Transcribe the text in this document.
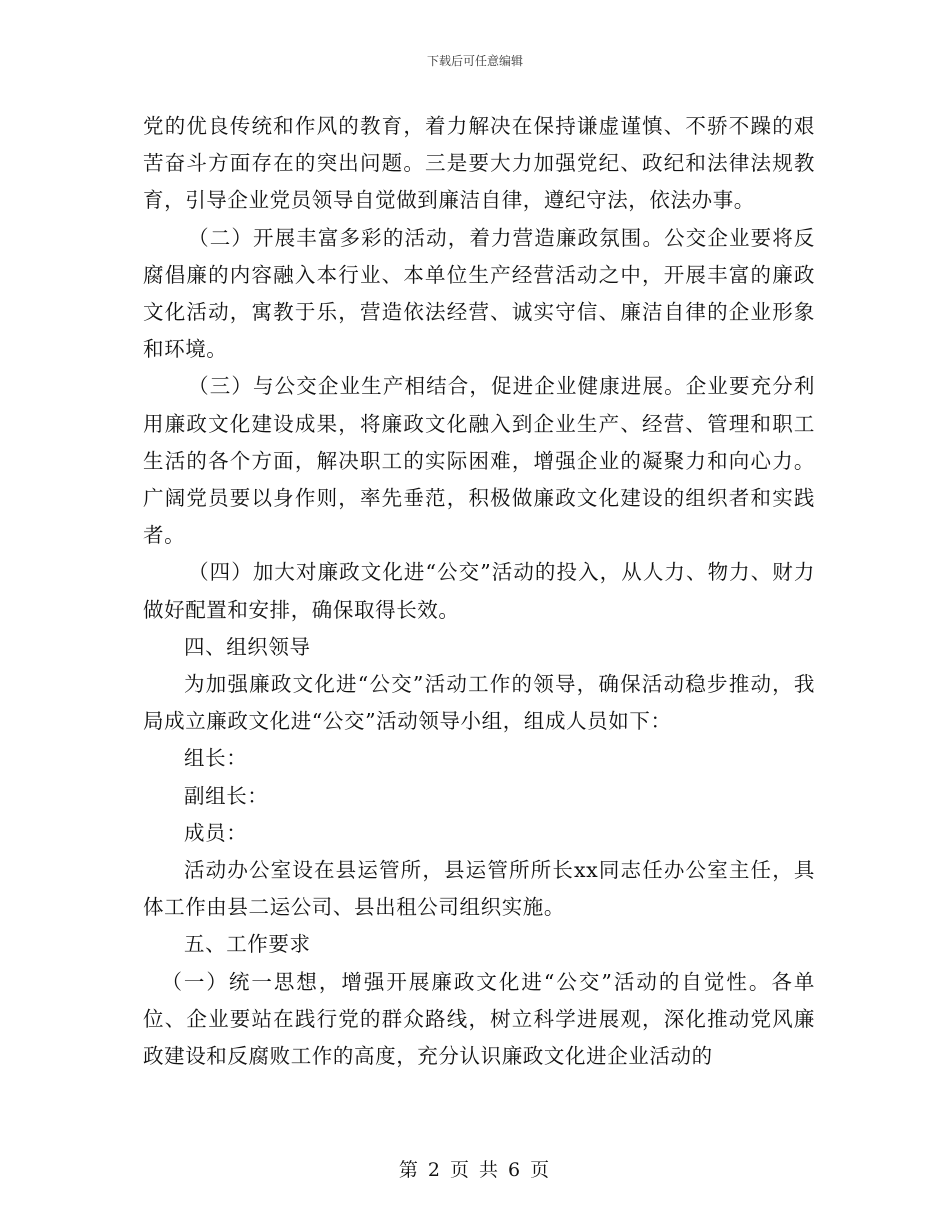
下载后可任意编辑

党的优良传统和作风的教育，着力解决在保持谦虚谨慎、不骄不躁的艰苦奋斗方面存在的突出问题。三是要大力加强党纪、政纪和法律法规教育，引导企业党员领导自觉做到廉洁自律，遵纪守法，依法办事。

（二）开展丰富多彩的活动，着力营造廉政氛围。公交企业要将反腐倡廉的内容融入本行业、本单位生产经营活动之中，开展丰富的廉政文化活动，寓教于乐，营造依法经营、诚实守信、廉洁自律的企业形象和环境。

（三）与公交企业生产相结合，促进企业健康进展。企业要充分利用廉政文化建设成果，将廉政文化融入到企业生产、经营、管理和职工生活的各个方面，解决职工的实际困难，增强企业的凝聚力和向心力。广阔党员要以身作则，率先垂范，积极做廉政文化建设的组织者和实践者。

（四）加大对廉政文化进“公交”活动的投入，从人力、物力、财力做好配置和安排，确保取得长效。

四、组织领导

为加强廉政文化进“公交”活动工作的领导，确保活动稳步推动，我局成立廉政文化进“公交”活动领导小组，组成人员如下：

组长：

副组长：

成员：

活动办公室设在县运管所，县运管所所长xx同志任办公室主任，具体工作由县二运公司、县出租公司组织实施。

五、工作要求

（一）统一思想，增强开展廉政文化进“公交”活动的自觉性。各单位、企业要站在践行党的群众路线，树立科学进展观，深化推动党风廉政建设和反腐败工作的高度，充分认识廉政文化进企业活动的

第 2 页 共 6 页
